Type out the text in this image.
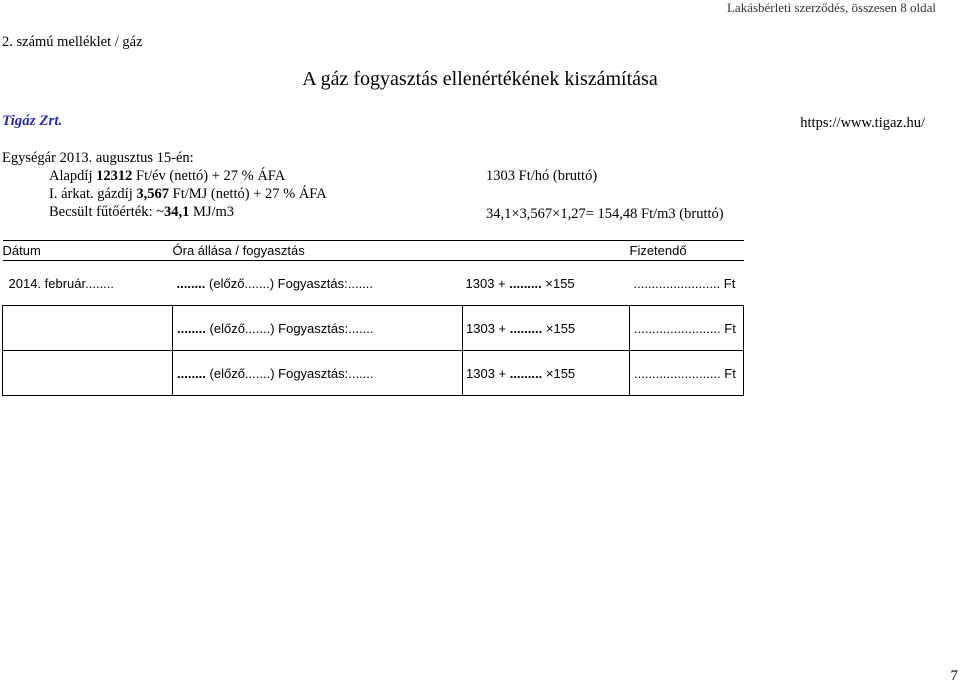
Lakásbérleti szerződés, összesen 8 oldal
2. számú melléklet / gáz
A gáz fogyasztás ellenértékének kiszámítása
Tigáz Zrt.	https://www.tigaz.hu/
Egységár 2013. augusztus 15-én:
Alapdíj 12312 Ft/év (nettó) + 27 % ÁFA	1303 Ft/hó (bruttó)
I. árkat. gázdíj 3,567 Ft/MJ (nettó) + 27 % ÁFA
Becsült fűtőérték: ~34,1 MJ/m3	34,1×3,567×1,27= 154,48 Ft/m3 (bruttó)
Dátum	Óra állása / fogyasztás		Fizetendő
2014. február........	........ (előző.......) Fogyasztás:.......	1303 + ......... ×155	........................ Ft
	........ (előző.......) Fogyasztás:.......	1303 + ......... ×155	........................ Ft
	........ (előző.......) Fogyasztás:.......	1303 + ......... ×155	........................ Ft
7
